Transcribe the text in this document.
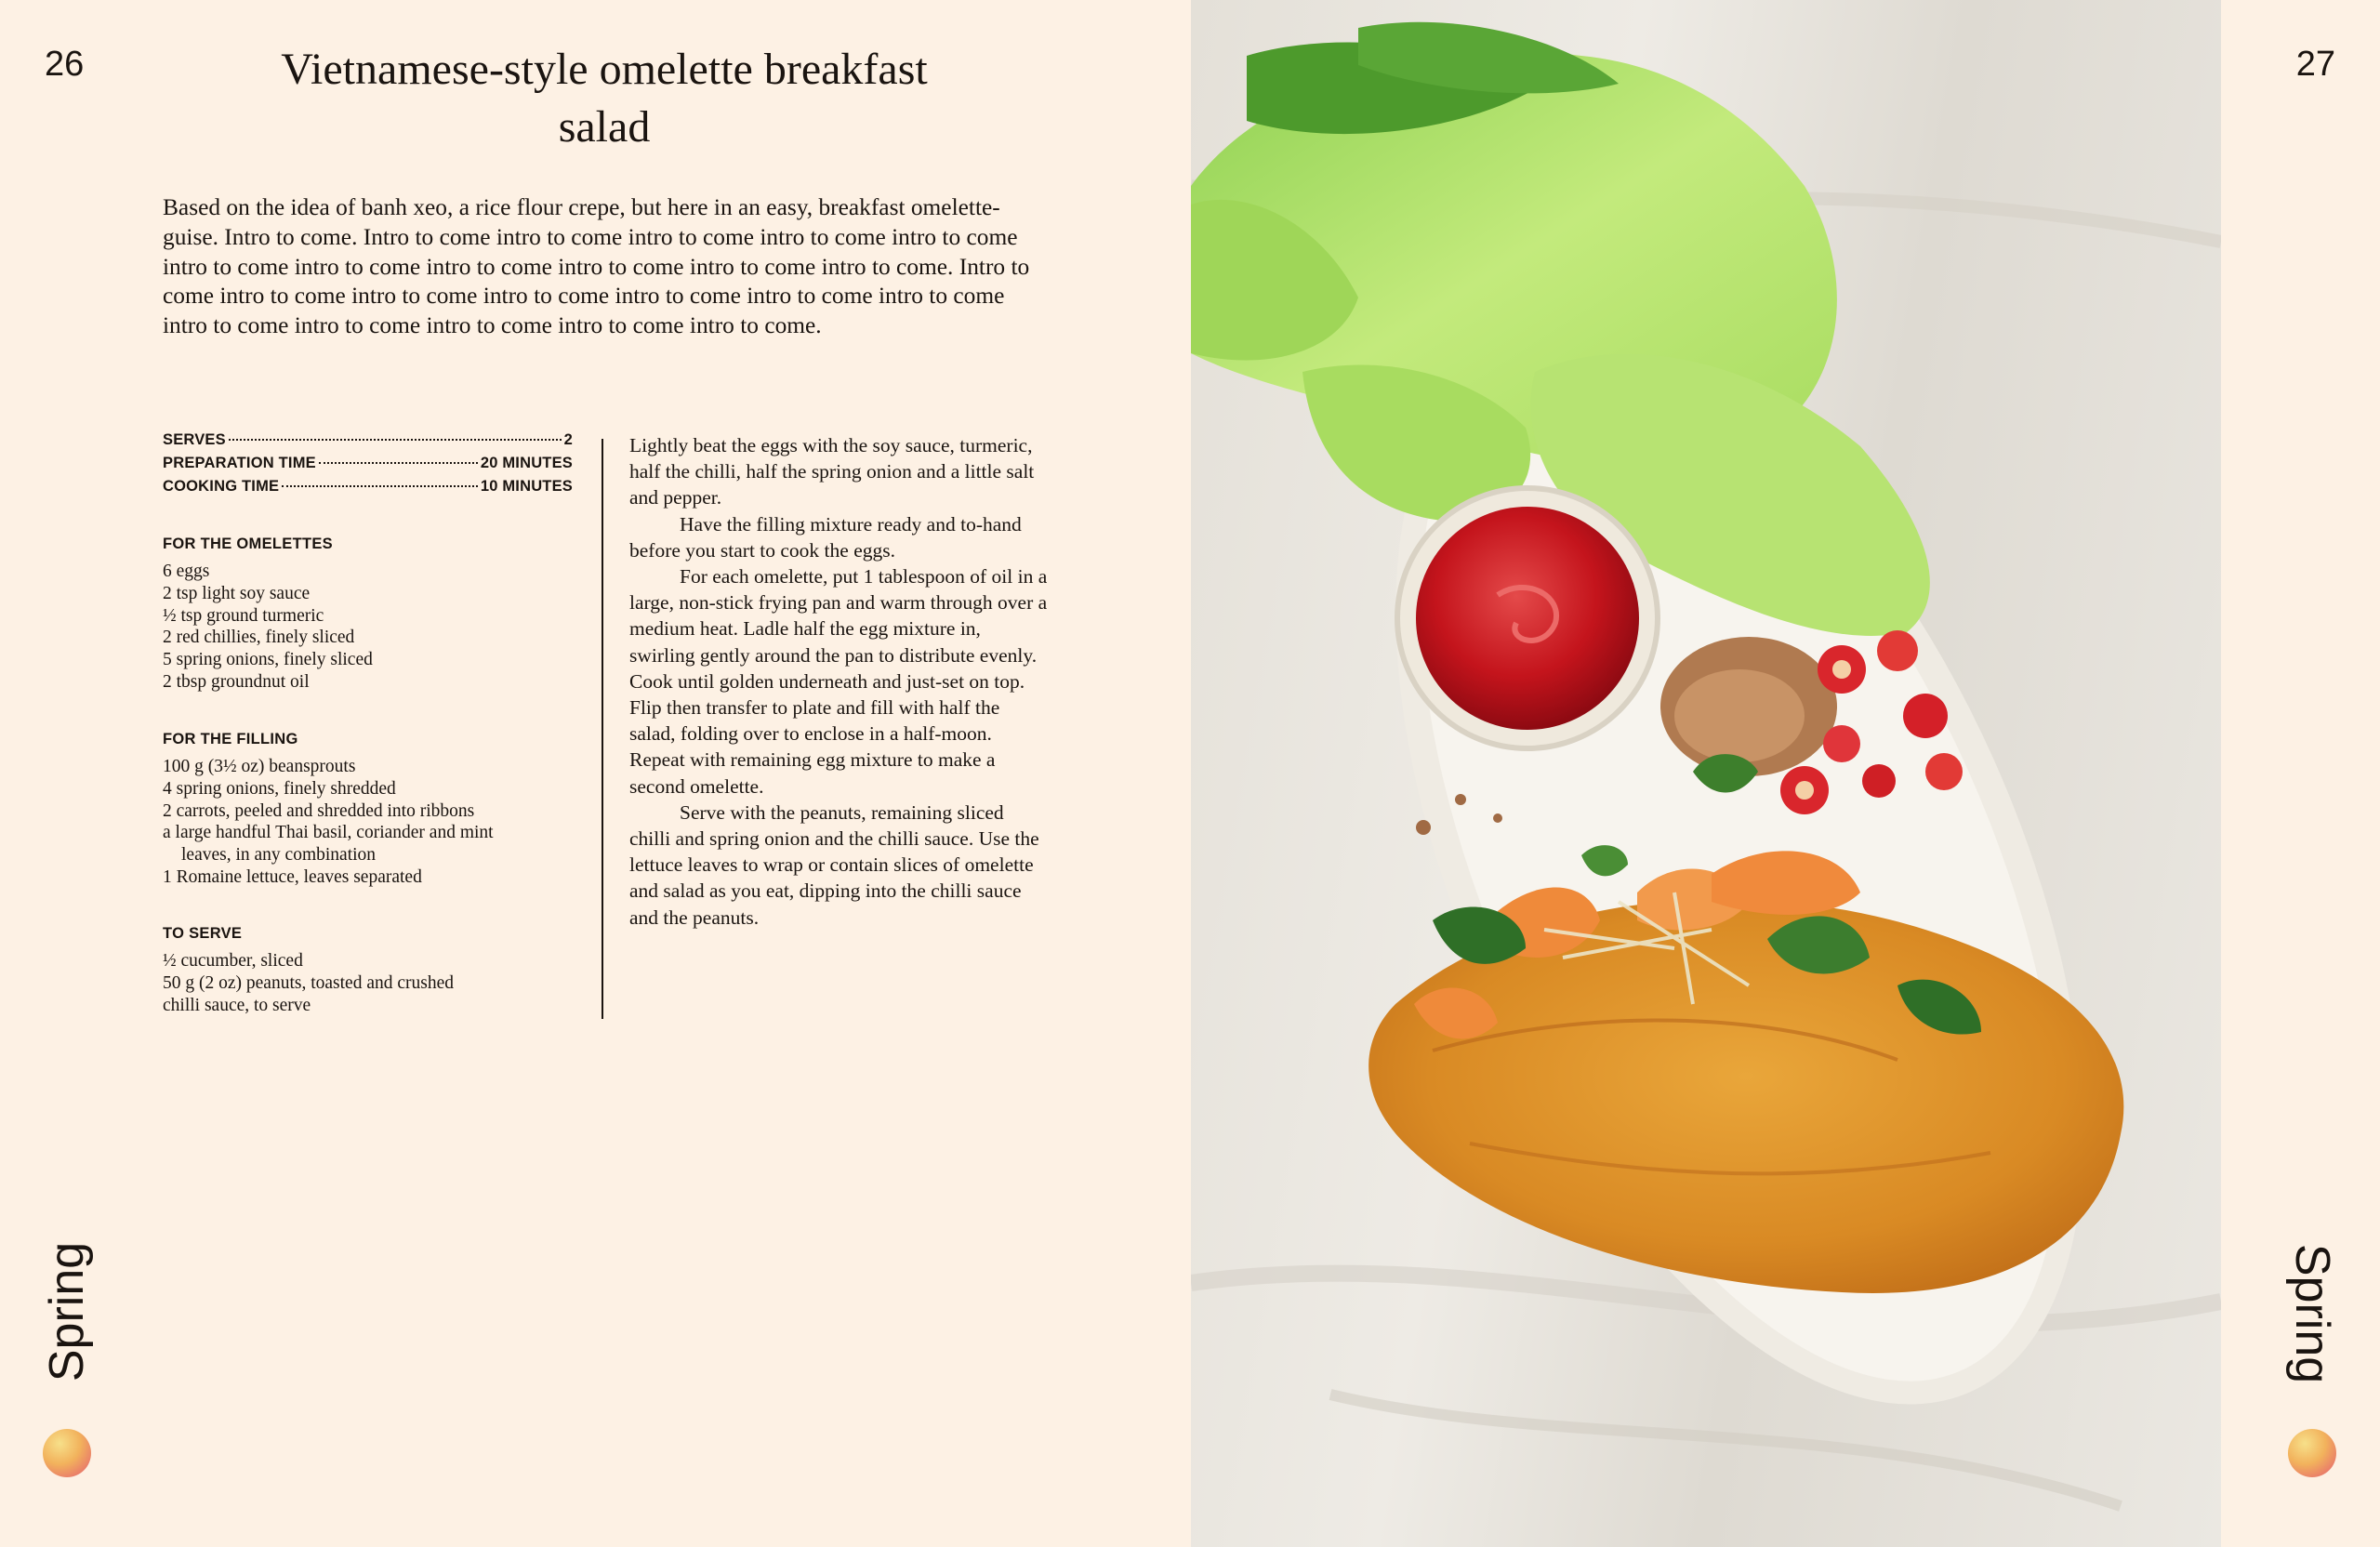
26	Vietnamese-style omelette breakfast salad

Based on the idea of banh xeo, a rice flour crepe, but here in an easy, breakfast omelette-guise. Intro to come. Intro to come intro to come intro to come intro to come intro to come intro to come intro to come intro to come intro to come intro to come intro to come. Intro to come intro to come intro to come intro to come intro to come intro to come intro to come intro to come intro to come intro to come intro to come intro to come.

SERVES	2
PREPARATION TIME	20 MINUTES
COOKING TIME	10 MINUTES
FOR THE OMELETTES
6 eggs
2 tsp light soy sauce
½ tsp ground turmeric
2 red chillies, finely sliced
5 spring onions, finely sliced
2 tbsp groundnut oil
FOR THE FILLING
100 g (3½ oz) beansprouts
4 spring onions, finely shredded
2 carrots, peeled and shredded into ribbons
a large handful Thai basil, coriander and mint
leaves, in any combination
1 Romaine lettuce, leaves separated
TO SERVE
½ cucumber, sliced
50 g (2 oz) peanuts, toasted and crushed
chilli sauce, to serve

Lightly beat the eggs with the soy sauce, turmeric, half the chilli, half the spring onion and a little salt and pepper.

Have the filling mixture ready and to-hand before you start to cook the eggs.

For each omelette, put 1 tablespoon of oil in a large, non-stick frying pan and warm through over a medium heat. Ladle half the egg mixture in, swirling gently around the pan to distribute evenly. Cook until golden underneath and just-set on top. Flip then transfer to plate and fill with half the salad, folding over to enclose in a half-moon. Repeat with remaining egg mixture to make a second omelette.

Serve with the peanuts, remaining sliced chilli and spring onion and the chilli sauce. Use the lettuce leaves to wrap or contain slices of omelette and salad as you eat, dipping into the chilli sauce and the peanuts.

Spring
27
Spring
